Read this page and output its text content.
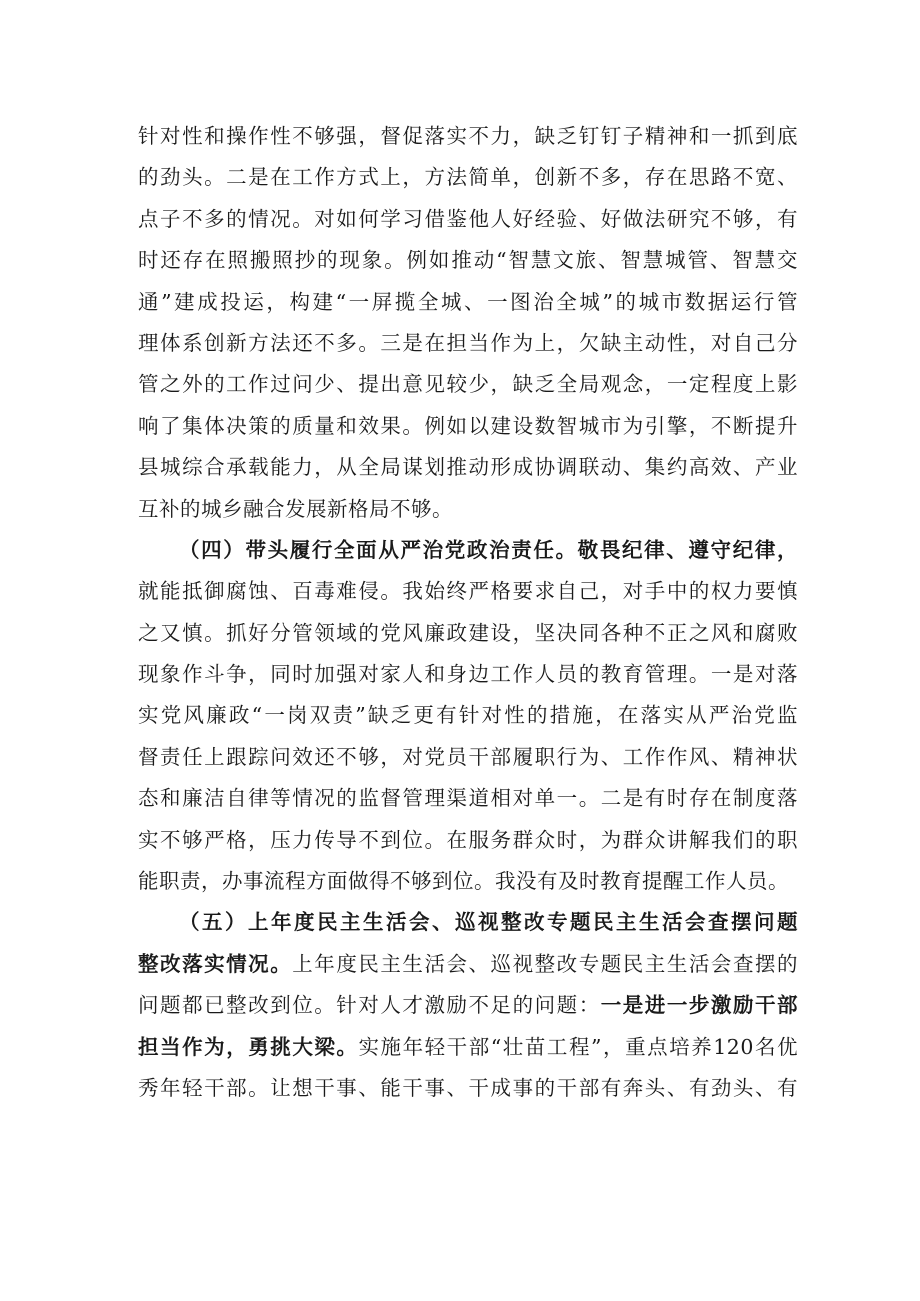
针对性和操作性不够强，督促落实不力，缺乏钉钉子精神和一抓到底
的劲头。二是在工作方式上，方法简单，创新不多，存在思路不宽、
点子不多的情况。对如何学习借鉴他人好经验、好做法研究不够，有
时还存在照搬照抄的现象。例如推动“智慧文旅、智慧城管、智慧交
通”建成投运，构建“一屏揽全城、一图治全城”的城市数据运行管
理体系创新方法还不多。三是在担当作为上，欠缺主动性，对自己分
管之外的工作过问少、提出意见较少，缺乏全局观念，一定程度上影
响了集体决策的质量和效果。例如以建设数智城市为引擎，不断提升
县城综合承载能力，从全局谋划推动形成协调联动、集约高效、产业
互补的城乡融合发展新格局不够。
（四）带头履行全面从严治党政治责任。敬畏纪律、遵守纪律，
就能抵御腐蚀、百毒难侵。我始终严格要求自己，对手中的权力要慎
之又慎。抓好分管领域的党风廉政建设，坚决同各种不正之风和腐败
现象作斗争，同时加强对家人和身边工作人员的教育管理。一是对落
实党风廉政“一岗双责”缺乏更有针对性的措施，在落实从严治党监
督责任上跟踪问效还不够，对党员干部履职行为、工作作风、精神状
态和廉洁自律等情况的监督管理渠道相对单一。二是有时存在制度落
实不够严格，压力传导不到位。在服务群众时，为群众讲解我们的职
能职责，办事流程方面做得不够到位。我没有及时教育提醒工作人员。
（五）上年度民主生活会、巡视整改专题民主生活会查摆问题
整改落实情况。上年度民主生活会、巡视整改专题民主生活会查摆的
问题都已整改到位。针对人才激励不足的问题：一是进一步激励干部
担当作为，勇挑大梁。实施年轻干部“壮苗工程”，重点培养120名优
秀年轻干部。让想干事、能干事、干成事的干部有奔头、有劲头、有
